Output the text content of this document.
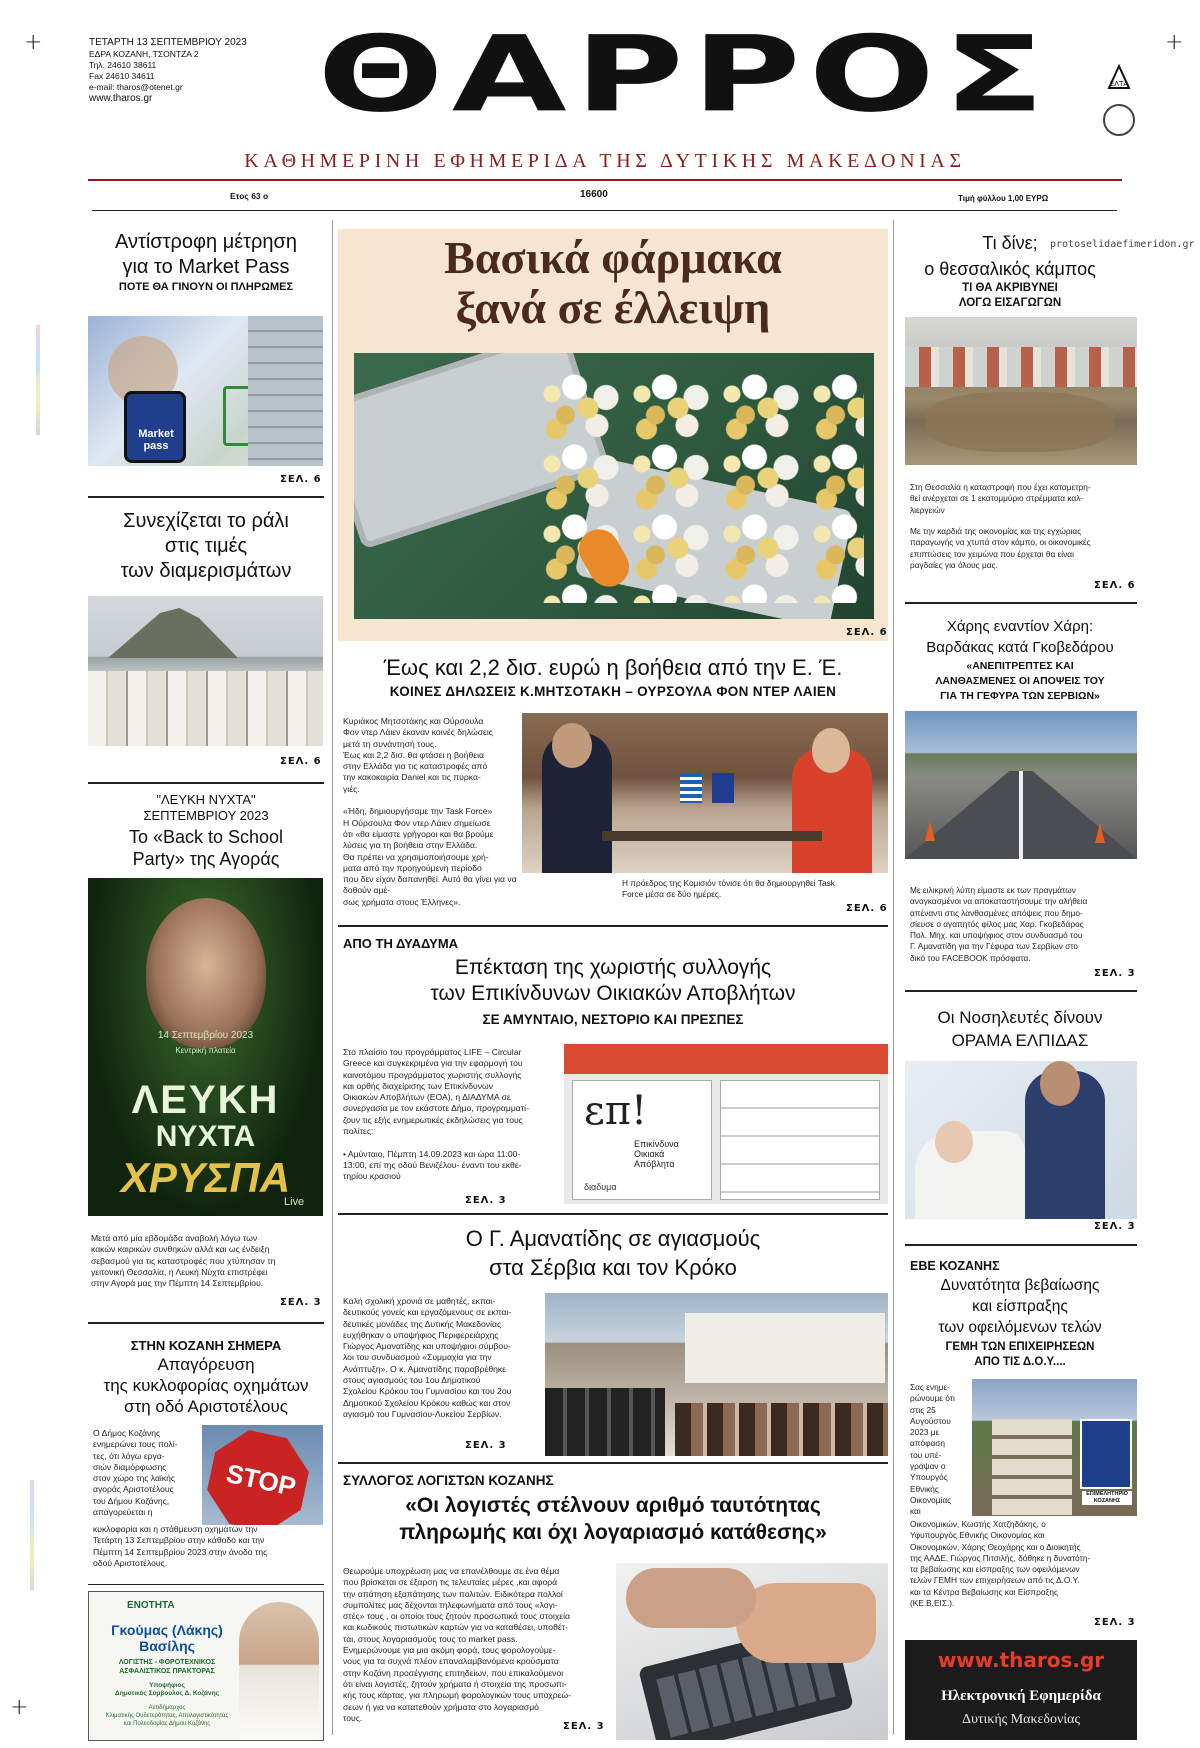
+	+
+
ΤΕΤΑΡΤΗ 13 ΣΕΠΤΕΜΒΡΙΟΥ 2023
ΕΔΡΑ ΚΟΖΑΝΗ, ΤΣΟΝΤΖΑ 2
Τηλ. 24610 38611
Fax 24610 34611
e-mail: tharos@otenet.gr
www.tharos.gr	ΘΑΡΡΟΣ	ΕΛΤΑ
ΚΑΘΗΜΕΡΙΝΗ ΕΦΗΜΕΡΙΔΑ ΤΗΣ ΔΥΤΙΚΗΣ ΜΑΚΕΔΟΝΙΑΣ
Ετος 63 ο	16600	Τιμή φύλλου 1,00 ΕΥΡΩ
Αντίστροφη μέτρηση
για το Market Pass
ΠΟΤΕ ΘΑ ΓΙΝΟΥΝ ΟΙ ΠΛΗΡΩΜΕΣ
Market
pass
ΣΕΛ. 6
Συνεχίζεται το ράλι
στις τιμές
των διαμερισμάτων
ΣΕΛ. 6
"ΛΕΥΚΗ ΝΥΧΤΑ"
ΣΕΠΤΕΜΒΡΙΟΥ 2023
Το «Back to School
Party» της Αγοράς
14 Σεπτεμβρίου 2023
Κεντρική πλατεία
ΛΕΥΚΗ
ΝΥΧΤΑ
ΧΡΥΣΠΑ
Live
Μετά από μία εβδομάδα αναβολή λόγω των
κακών καιρικών συνθηκών αλλά και ως ένδειξη
σεβασμού για τις καταστροφές που χτύπησαν τη
γειτονική Θεσσαλία, η Λευκή Νύχτα επιστρέφει
στην Αγορά μας την Πέμπτη 14 Σεπτεμβρίου.
ΣΕΛ. 3
ΣΤΗΝ ΚΟΖΑΝΗ ΣΗΜΕΡΑ
Απαγόρευση
της κυκλοφορίας οχημάτων
στη οδό Αριστοτέλους
Ο Δήμος Κοζάνης
ενημερώνει τους πολί-
τες, ότι λόγω εργα-
σιών διαμόρφωσης
στον χώρο της λαϊκής
αγοράς Αριστοτέλους
του Δήμου Κοζάνης,
απαγορεύεται η
STOP
κυκλοφορία και η στάθμευση οχημάτων την
Τετάρτη 13 Σεπτεμβρίου στην κάθοδο και την
Πέμπτη 14 Σεπτεμβρίου 2023 στην άνοδο της
οδού Αριστοτέλους.
ΕΝΟΤΗΤΑ
Γκούμας (Λάκης)
Βασίλης
ΛΟΓΙΣΤΗΣ - ΦΟΡΟΤΕΧΝΙΚΟΣ
ΑΣΦΑΛΙΣΤΙΚΟΣ ΠΡΑΚΤΟΡΑΣ
Υποψήφιος
Δημοτικός Σύμβουλος Δ. Κοζάνης
Αντιδήμαρχος
Κλιματικής Ουδετερότητας, Απολογιστικότητας
και Πολεοδομίας Δήμου Κοζάνης
Βασικά φάρμακα
ξανά σε έλλειψη
ΣΕΛ. 6
Έως και 2,2 δισ. ευρώ η βοήθεια από την Ε. Έ.
ΚΟΙΝΕΣ ΔΗΛΩΣΕΙΣ Κ.ΜΗΤΣΟΤΑΚΗ – ΟΥΡΣΟΥΛΑ ΦΟΝ ΝΤΕΡ ΛΑΙΕΝ
Κυριάκος Μητσοτάκης και Ούρσουλα
Φον ντερ Λάιεν έκαναν κοινές δηλώσεις
μετά τη συνάντησή τους.
Έως και 2,2 δισ. θα φτάσει η βοήθεια
στην Ελλάδα για τις καταστροφές από
την κακοκαιρία Daniel και τις πυρκα-
γιές.

«Ήδη, δημιουργήσαμε την Task Force»
Η Ούρσουλα Φον ντερ Λάιεν σημείωσε
ότι «θα είμαστε γρήγοροι και θα βρούμε
λύσεις για τη βοήθεια στην Ελλάδα.
Θα πρέπει να χρησιμοποιήσουμε χρή-
ματα από την προηγούμενη περίοδο
που δεν είχαν δαπανηθεί. Αυτό θα γίνει για να δοθούν αμέ-
σως χρήματα στους Έλληνες».
Η πρόεδρος της Κομισιόν τόνισε ότι θα δημιουργηθεί Task
Force μέσα σε δύο ημέρες.
ΣΕΛ. 6
ΑΠΟ ΤΗ ΔΥΑΔΥΜΑ
Επέκταση της χωριστής συλλογής
των Επικίνδυνων Οικιακών Αποβλήτων
ΣΕ ΑΜΥΝΤΑΙΟ, ΝΕΣΤΟΡΙΟ ΚΑΙ ΠΡΕΣΠΕΣ
Στο πλαίσιο του προγράμματος LIFE – Circular
Greece και συγκεκριμένα για την εφαρμογή του
καινοτόμου προγράμματος χωριστής συλλογής
και ορθής διαχείρισης των Επικίνδυνων
Οικιακών Αποβλήτων (ΕΟΑ), η ΔΙΑΔΥΜΑ σε
συνεργασία με τον εκάστοτε Δήμο, προγραμματί-
ζουν τις εξής ενημερωτικές εκδηλώσεις για τους
πολίτες:

• Αμύνταιο, Πέμπτη 14.09.2023 και ώρα 11:00-
13:00, επί της οδού Βενιζέλου- έναντι του εκθε-
τηρίου κρασιού
επ!
Επικίνδυνα
Οικιακά
Απόβλητα
διαδυμα
ΣΕΛ. 3
Ο Γ. Αμανατίδης σε αγιασμούς
στα Σέρβια και τον Κρόκο
Καλή σχολική χρονιά σε μαθητές, εκπαι-
δευτικούς γονείς και εργαζόμενους σε εκπαι-
δευτικές μονάδες της Δυτικής Μακεδονίας
ευχήθηκαν ο υποψήφιος Περιφερειάρχης
Γιώργος Αμανατίδης και υποψήφιοι σύμβου-
λοι του συνδυασμού «Συμμαχία για την
Ανάπτυξη». Ο κ. Αμανατίδης παραβρέθηκε
στους αγιασμούς του 1ου Δημοτικού
Σχολείου Κρόκου του Γυμνασίου και του 2ου
Δημοτικού Σχολείου Κρόκου καθώς και στον
αγιασμό του Γυμνασίου-Λυκείου Σερβίων.
ΣΕΛ. 3
ΣΥΛΛΟΓΟΣ ΛΟΓΙΣΤΩΝ ΚΟΖΑΝΗΣ
«Οι λογιστές στέλνουν αριθμό ταυτότητας
πληρωμής και όχι λογαριασμό κατάθεσης»
Θεωρούμε υποχρέωση μας να επανέλθουμε σε ένα θέμα
που βρίσκεται σε έξαρση τις τελευταίες μέρες ,και αφορά
την απάτηση εξαπάτησης των πολιτών. Ειδικότερα πολλοί
συμπολίτες μας δέχονται τηλεφωνήματα από τους «λογι-
στές» τους , οι οποίοι τους ζητούν προσωπικά τους στοιχεία
και κωδικούς πιστωτικών καρτών για να καταθέσει, υποθέτ-
ται, στους λογαριασμούς τους το market pass.
Ενημερώνουμε για μια ακόμη φορά, τους φορολογούμε-
νους για τα συχνά πλέον επαναλαμβανόμενα κρούσματα
στην Κοζάνη προσέγγισης επιτηδείων, που επικαλούμενοι
ότι είναι λογιστές, ζητούν χρήματα ή στοιχεία της προσωπι-
κής τους κάρτας, για πληρωμή φορολογικών τους υποχρεώ-
σεων ή για να κατατεθούν χρήματα στο λογαριασμό
τους.
ΣΕΛ. 3
Τι δίνε;
ο θεσσαλικός κάμπος
protoselidaefimeridon.gr
ΤΙ ΘΑ ΑΚΡΙΒΥΝΕΙ
ΛΟΓΩ ΕΙΣΑΓΩΓΩΝ
Στη Θεσσαλία η καταστροφή που έχει καταμετρη-
θεί ανέρχεται σε 1 εκατομμύριο στρέμματα καλ-
λιεργειών
Με την καρδιά της οικονομίας και της εγχώριας
παραγωγής να χτυπά στον κάμπο, οι οικονομικές
επιπτώσεις τον χειμώνα που έρχεται θα είναι
ραγδαίες για όλους μας.
ΣΕΛ. 6
Χάρης εναντίον Χάρη:
Βαρδάκας κατά Γκοβεδάρου
«ΑΝΕΠΙΤΡΕΠΤΕΣ ΚΑΙ
ΛΑΝΘΑΣΜΕΝΕΣ ΟΙ ΑΠΟΨΕΙΣ ΤΟΥ
ΓΙΑ ΤΗ ΓΕΦΥΡΑ ΤΩΝ ΣΕΡΒΙΩΝ»
Με ειλικρινή λύπη είμαστε εκ των πραγμάτων
αναγκασμένοι να αποκαταστήσουμε την αλήθεια
απέναντι στις λανθασμένες απόψεις που δημο-
σίευσε ο αγαπητός φίλος μας Χαρ. Γκοβεδάρος
Πολ. Μηχ. και υποψήφιος στον συνδυασμό του
Γ. Αμανατίδη για την Γέφυρα των Σερβίων στο
δικό του FACEBOOK πρόσφατα.
ΣΕΛ. 3
Οι Νοσηλευτές δίνουν
ΟΡΑΜΑ ΕΛΠΙΔΑΣ
ΣΕΛ. 3
ΕΒΕ ΚΟΖΑΝΗΣ
Δυνατότητα βεβαίωσης
και είσπραξης
των οφειλόμενων τελών
ΓΕΜΗ ΤΩΝ ΕΠΙΧΕΙΡΗΣΕΩΝ
ΑΠΟ ΤΙΣ Δ.Ο.Υ....
Σας ενημε-
ρώνουμε ότι
στις 25
Αυγούστου
2023 με
απόφαση
του υπέ-
γραψαν ο
Υπουργός
Εθνικής
Οικονομίας
και
ΕΠΙΜΕΛΗΤΗΡΙΟ
ΚΟΖΑΝΗΣ
Οικονομικών, Κωστής Χατζηδάκης, ο
Υφυπουργός Εθνικής Οικονομίας και
Οικονομικών, Χάρης Θεοχάρης και ο Διοικητής
της ΑΑΔΕ, Γιώργος Πιτσιλής, δόθηκε η δυνατότη-
τα βεβαίωσης και είσπραξης των οφειλόμενων
τελών ΓΕΜΗ των επιχειρήσεων από τις Δ.Ο.Υ.
και τα Κέντρα Βεβαίωσης και Είσπραξης
(ΚΕ.Β.ΕΙΣ.).
ΣΕΛ. 3
www.tharos.gr
Ηλεκτρονική Εφημερίδα
Δυτικής Μακεδονίας
